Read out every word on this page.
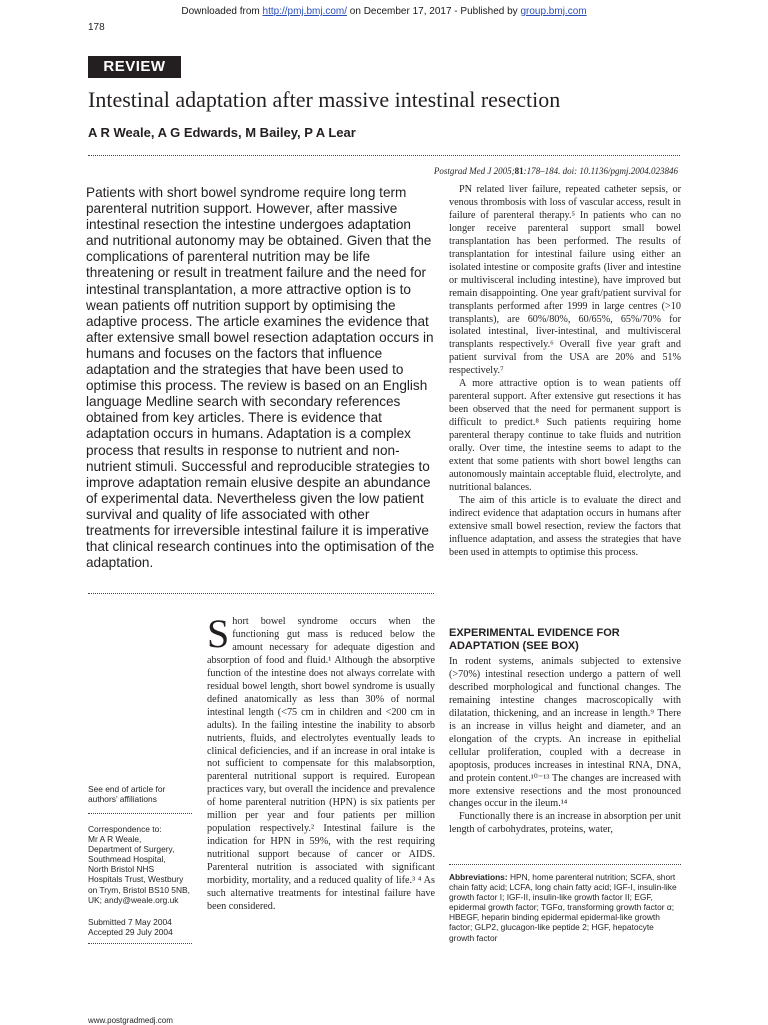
Downloaded from http://pmj.bmj.com/ on December 17, 2017 - Published by group.bmj.com
178
REVIEW
Intestinal adaptation after massive intestinal resection
A R Weale, A G Edwards, M Bailey, P A Lear
Postgrad Med J 2005;81:178–184. doi: 10.1136/pgmj.2004.023846
Patients with short bowel syndrome require long term parenteral nutrition support. However, after massive intestinal resection the intestine undergoes adaptation and nutritional autonomy may be obtained. Given that the complications of parenteral nutrition may be life threatening or result in treatment failure and the need for intestinal transplantation, a more attractive option is to wean patients off nutrition support by optimising the adaptive process. The article examines the evidence that after extensive small bowel resection adaptation occurs in humans and focuses on the factors that influence adaptation and the strategies that have been used to optimise this process. The review is based on an English language Medline search with secondary references obtained from key articles. There is evidence that adaptation occurs in humans. Adaptation is a complex process that results in response to nutrient and non-nutrient stimuli. Successful and reproducible strategies to improve adaptation remain elusive despite an abundance of experimental data. Nevertheless given the low patient survival and quality of life associated with other treatments for irreversible intestinal failure it is imperative that clinical research continues into the optimisation of the adaptation.

PN related liver failure, repeated catheter sepsis, or venous thrombosis with loss of vascular access, result in failure of parenteral therapy.⁵ In patients who can no longer receive parenteral support small bowel transplantation has been performed. The results of transplantation for intestinal failure using either an isolated intestine or composite grafts (liver and intestine or multivisceral including intestine), have improved but remain disappointing. One year graft/patient survival for transplants performed after 1999 in large centres (>10 transplants), are 60%/80%, 60/65%, 65%/70% for isolated intestinal, liver-intestinal, and multivisceral transplants respectively.⁶ Overall five year graft and patient survival from the USA are 20% and 51% respectively.⁷

A more attractive option is to wean patients off parenteral support. After extensive gut resections it has been observed that the need for permanent support is difficult to predict.⁸ Such patients requiring home parenteral therapy continue to take fluids and nutrition orally. Over time, the intestine seems to adapt to the extent that some patients with short bowel lengths can autonomously maintain acceptable fluid, electrolyte, and nutritional balances.

The aim of this article is to evaluate the direct and indirect evidence that adaptation occurs in humans after extensive small bowel resection, review the factors that influence adaptation, and assess the strategies that have been used in attempts to optimise this process.

EXPERIMENTAL EVIDENCE FOR ADAPTATION (SEE BOX)

In rodent systems, animals subjected to extensive (>70%) intestinal resection undergo a pattern of well described morphological and functional changes. The remaining intestine changes macroscopically with dilatation, thickening, and an increase in length.⁹ There is an increase in villus height and diameter, and an elongation of the crypts. An increase in epithelial cellular proliferation, coupled with a decrease in apoptosis, produces increases in intestinal RNA, DNA, and protein content.¹⁰⁻¹³ The changes are increased with more extensive resections and the most pronounced changes occur in the ileum.¹⁴

Functionally there is an increase in absorption per unit length of carbohydrates, proteins, water,

Short bowel syndrome occurs when the functioning gut mass is reduced below the amount necessary for adequate digestion and absorption of food and fluid.¹ Although the absorptive function of the intestine does not always correlate with residual bowel length, short bowel syndrome is usually defined anatomically as less than 30% of normal intestinal length (<75 cm in children and <200 cm in adults). In the failing intestine the inability to absorb nutrients, fluids, and electrolytes eventually leads to clinical deficiencies, and if an increase in oral intake is not sufficient to compensate for this malabsorption, parenteral nutritional support is required. European practices vary, but overall the incidence and prevalence of home parenteral nutrition (HPN) is six patients per million per year and four patients per million population respectively.² Intestinal failure is the indication for HPN in 59%, with the rest requiring nutritional support because of cancer or AIDS. Parenteral nutrition is associated with significant morbidity, mortality, and a reduced quality of life.³ ⁴ As such alternative treatments for intestinal failure have been considered.
See end of article for authors’ affiliations
Correspondence to:
Mr A R Weale,
Department of Surgery,
Southmead Hospital,
North Bristol NHS
Hospitals Trust, Westbury
on Trym, Bristol BS10 5NB,
UK; andy@weale.org.uk
Submitted 7 May 2004
Accepted 29 July 2004
Abbreviations: HPN, home parenteral nutrition; SCFA, short chain fatty acid; LCFA, long chain fatty acid; IGF-I, insulin-like growth factor I; IGF-II, insulin-like growth factor II; EGF, epidermal growth factor; TGFα, transforming growth factor α; HBEGF, heparin binding epidermal epidermal-like growth factor; GLP2, glucagon-like peptide 2; HGF, hepatocyte growth factor
www.postgradmedj.com
